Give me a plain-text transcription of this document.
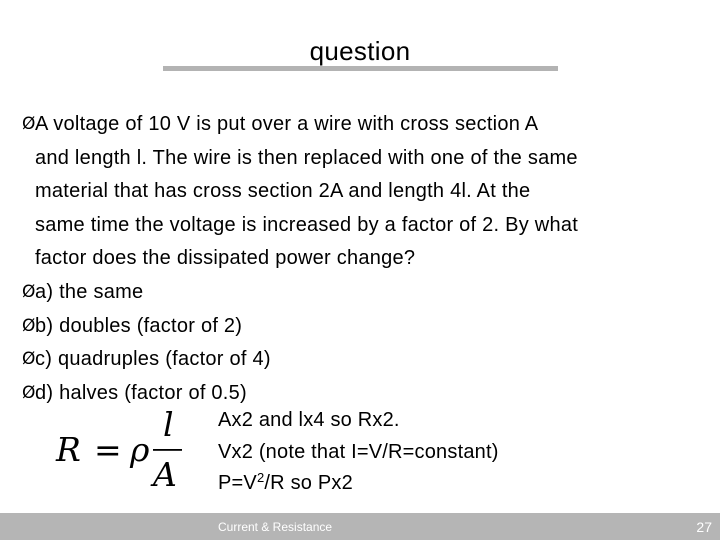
question
Ø A voltage of 10 V is put over a wire with cross section A
and length l. The wire is then replaced with one of the same
material that has cross section 2A and length 4l. At the
same time the voltage is increased by a factor of 2. By what
factor does the dissipated power change?
Ø a) the same
Ø b) doubles (factor of 2)
Ø c) quadruples (factor of 4)
Ø d) halves (factor of 0.5)
R = ρ
l
A
Ax2 and lx4 so Rx2.
Vx2 (note that I=V/R=constant)
$P=V^2/R$ so Px2
Current & Resistance	27
